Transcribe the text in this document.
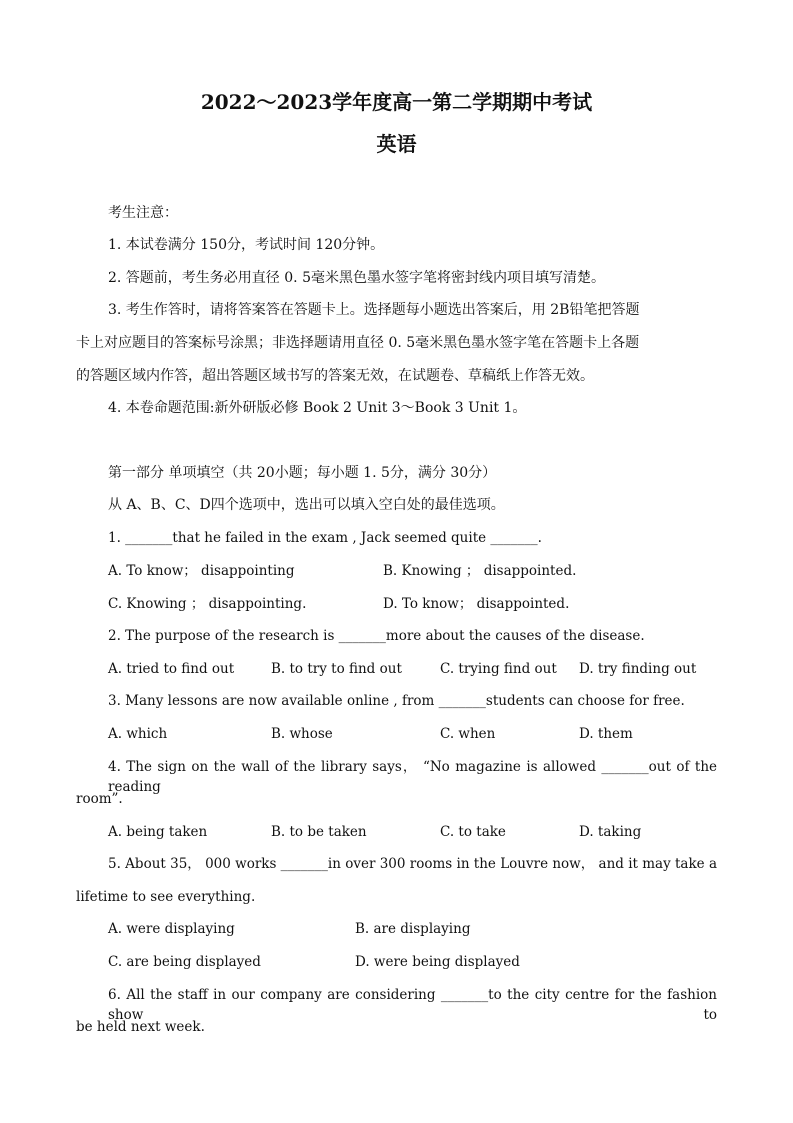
2022～2023学年度高一第二学期期中考试
英语
考生注意：
1. 本试卷满分 150分，考试时间 120分钟。
2. 答题前，考生务必用直径 0. 5毫米黑色墨水签字笔将密封线内项目填写清楚。
3. 考生作答时，请将答案答在答题卡上。选择题每小题选出答案后，用 2B铅笔把答题
卡上对应题目的答案标号涂黑；非选择题请用直径 0. 5毫米黑色墨水签字笔在答题卡上各题
的答题区域内作答，超出答题区域书写的答案无效，在试题卷、草稿纸上作答无效。
4. 本卷命题范围:新外研版必修 Book 2 Unit 3～Book 3 Unit 1。
第一部分 单项填空（共 20小题；每小题 1. 5分，满分 30分）
从 A、B、C、D四个选项中，选出可以填入空白处的最佳选项。
1. _______that he failed in the exam , Jack seemed quite _______.
A. To know； disappointing	B. Knowing ； disappointed.
C. Knowing ； disappointing.	D. To know； disappointed.
2. The purpose of the research is _______more about the causes of the disease.
A. tried to find out	B. to try to find out	C. trying find out D. try finding out
3. Many lessons are now available online , from _______students can choose for free.
A. which	B. whose	C. when	D. them
4. The sign on the wall of the library says， “No magazine is allowed _______out of the reading
room”.
A. being taken	B. to be taken	C. to take	D. taking
5. About 35， 000 works _______in over 300 rooms in the Louvre now， and it may take a
lifetime to see everything.
A. were displaying	B. are displaying
C. are being displayed	D. were being displayed
6. All the staff in our company are considering _______to the city centre for the fashion show to
be held next week.
